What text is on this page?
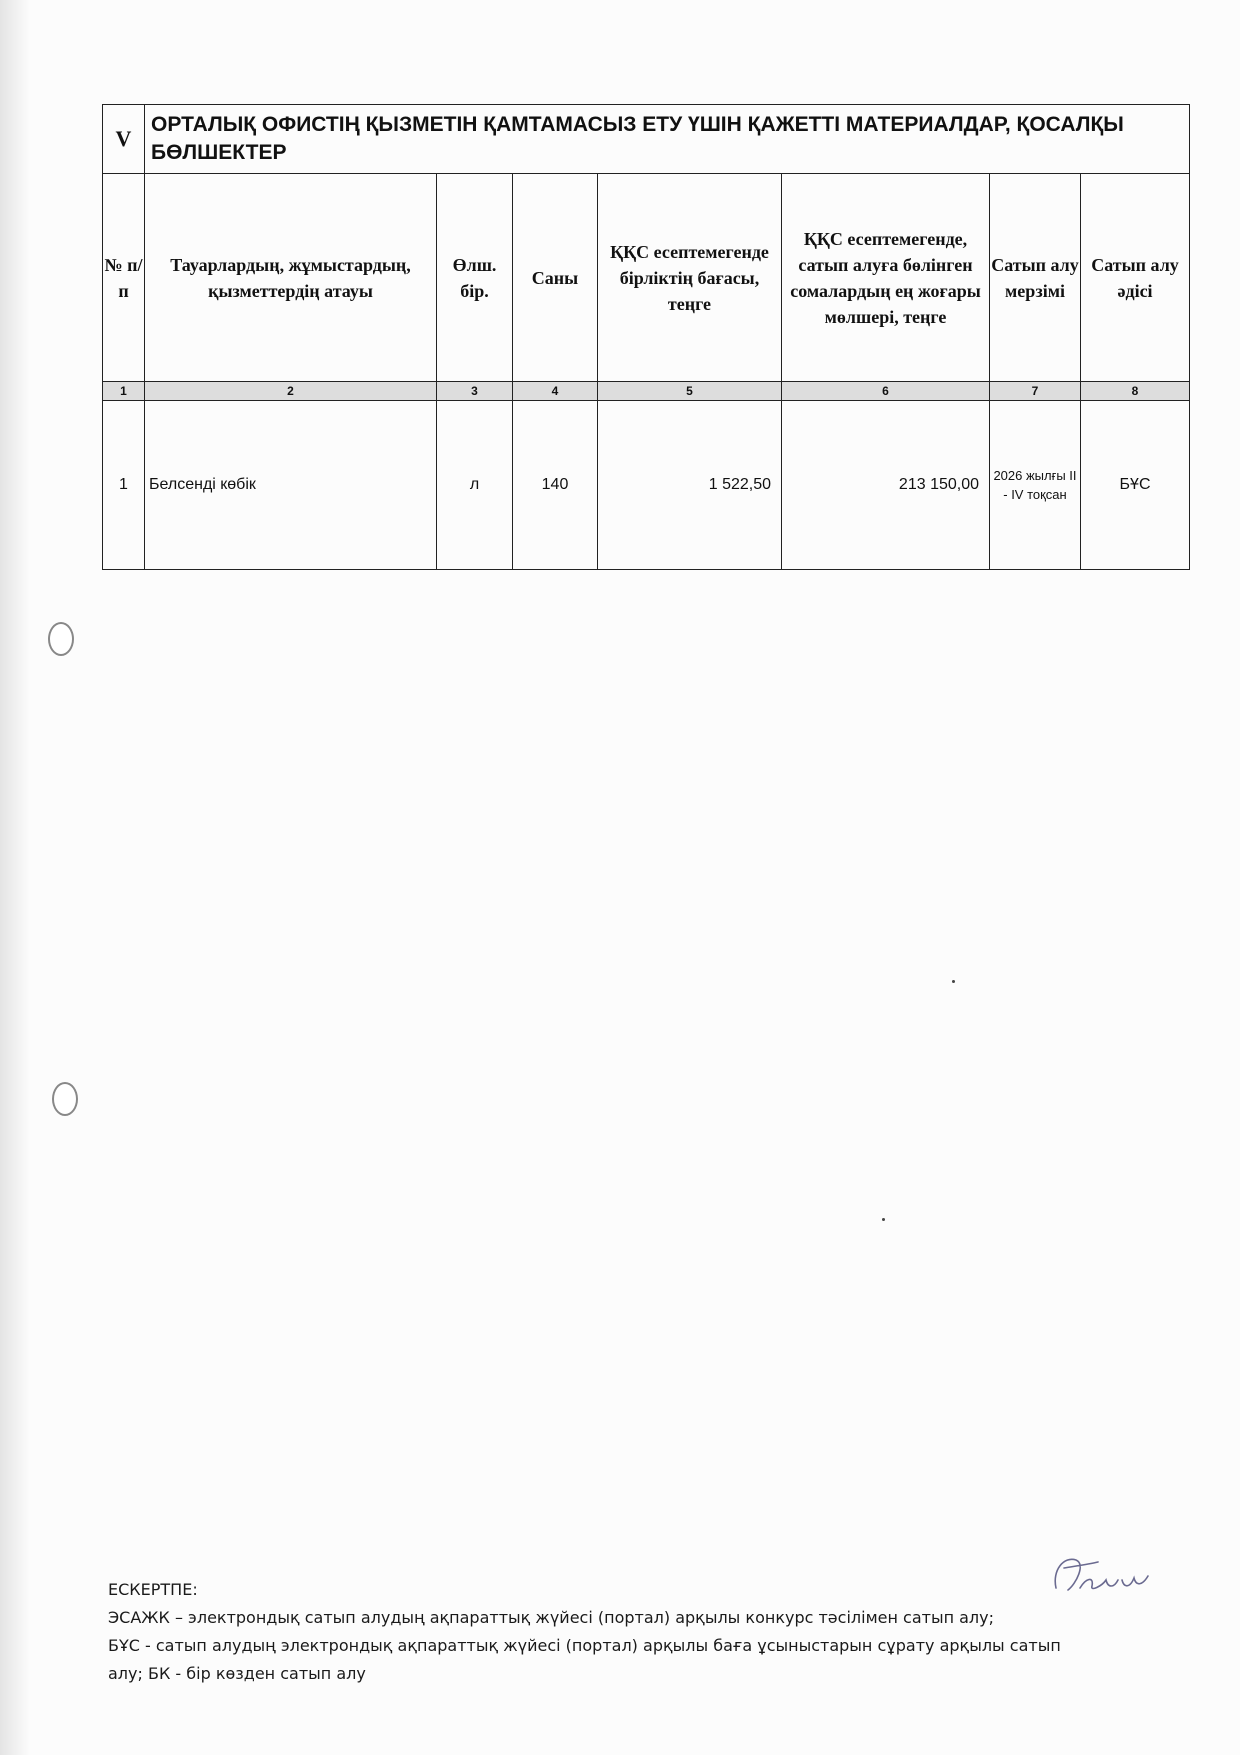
V	ОРТАЛЫҚ ОФИСТІҢ ҚЫЗМЕТІН ҚАМТАМАСЫЗ ЕТУ ҮШІН ҚАЖЕТТІ МАТЕРИАЛДАР, ҚОСАЛҚЫ БӨЛШЕКТЕР						
№ п/п	Тауарлардың, жұмыстардың, қызметтердің атауы	Өлш. бір.	Саны	ҚҚС есептемегенде бірліктің бағасы, теңге	ҚҚС есептемегенде, сатып алуға бөлінген сомалардың ең жоғары мөлшері, теңге	Сатып алу мерзімі	Сатып алу әдісі
1	2	3	4	5	6	7	8
1	Белсенді көбік	л	140	1 522,50	213 150,00	2026 жылғы II - IV тоқсан	БҰС
ЕСКЕРТПЕ:
ЭСАЖК – электрондық сатып алудың ақпараттық жүйесі (портал) арқылы конкурс тәсілімен сатып алу;
БҰС - сатып алудың электрондық ақпараттық жүйесі (портал) арқылы баға ұсыныстарын сұрату арқылы сатып
алу; БК - бір көзден сатып алу
